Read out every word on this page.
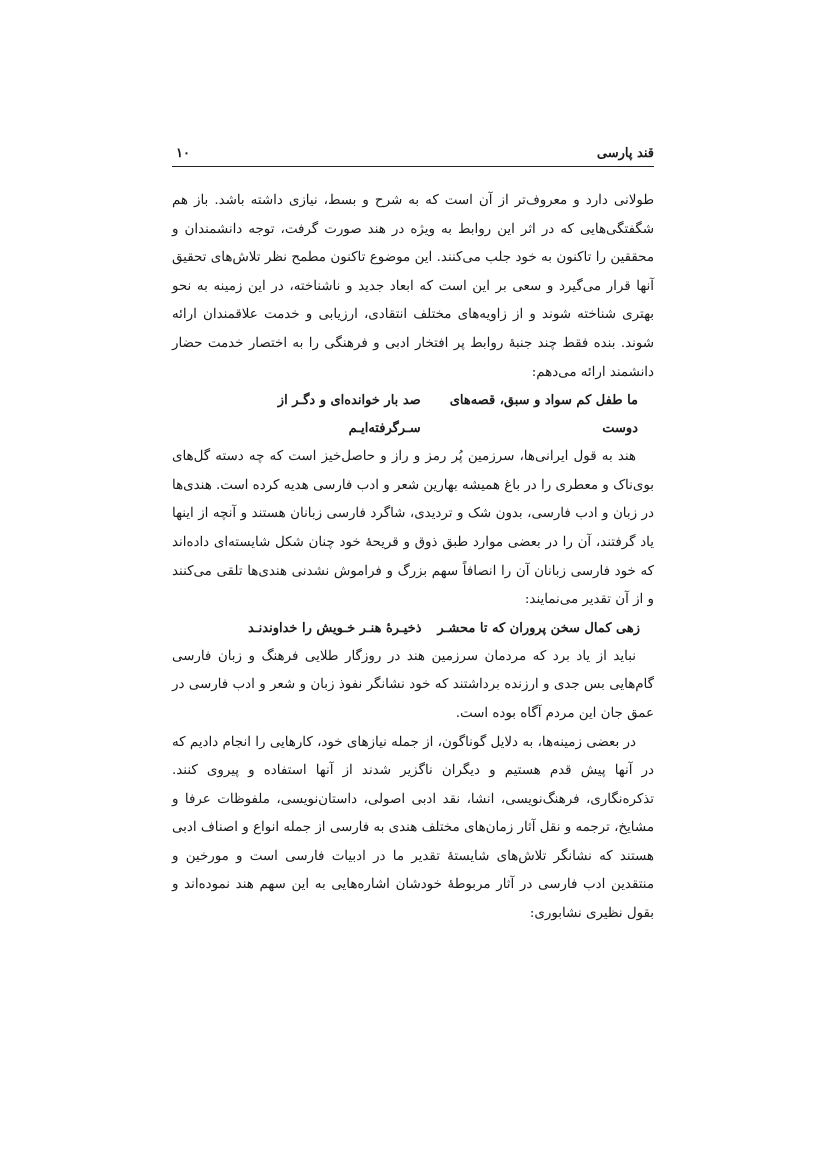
قند پارسی
۱۰

طولانی دارد و معروف‌تر از آن است که به شرح و بسط، نیازی داشته باشد. باز هم شگفتگی‌هایی که در اثر این روابط به ویژه در هند صورت گرفت، توجه دانشمندان و محققین را تاکنون به خود جلب می‌کنند. این موضوع تاکنون مطمح نظر تلاش‌های تحقیق آنها قرار می‌گیرد و سعی بر این است که ابعاد جدید و ناشناخته، در این زمینه به نحو بهتری شناخته شوند و از زاویه‌های مختلف انتقادی، ارزیابی و خدمت علاقمندان ارائه شوند. بنده فقط چند جنبهٔ روابط پر افتخار ادبی و فرهنگی را به اختصار خدمت حضار دانشمند ارائه می‌دهم:

ما طفل کم سواد و سبق، قصه‌های دوست
صد بار خوانده‌ای و دگـر از سـرگرفته‌ایـم

هند به قول ایرانی‌ها، سرزمین پُر رمز و راز و حاصل‌خیز است که چه دسته گل‌های بوی‌ناک و معطری را در باغ همیشه بهارین شعر و ادب فارسی هدیه کرده است. هندی‌ها در زبان و ادب فارسی، بدون شک و تردیدی، شاگرد فارسی زبانان هستند و آنچه از اینها یاد گرفتند، آن را در بعضی موارد طبق ذوق و قریحهٔ خود چنان شکل شایسته‌ای داده‌اند که خود فارسی زبانان آن را انصافاً سهم بزرگ و فراموش نشدنی هندی‌ها تلقی می‌کنند و از آن تقدیر می‌نمایند:

زهی کمال سخن پروران که تا محشـر
ذخیـرهٔ هنـر خـویش را خداوندنـد

نباید از یاد برد که مردمان سرزمین هند در روزگار طلایی فرهنگ و زبان فارسی گام‌هایی بس جدی و ارزنده برداشتند که خود نشانگر نفوذ زبان و شعر و ادب فارسی در عمق جان این مردم آگاه بوده است.

در بعضی زمینه‌ها، به دلایل گوناگون، از جمله نیازهای خود، کارهایی را انجام دادیم که در آنها پیش قدم هستیم و دیگران ناگزیر شدند از آنها استفاده و پیروی کنند. تذکره‌نگاری، فرهنگ‌نویسی، انشا، نقد ادبی اصولی، داستان‌نویسی، ملفوظات عرفا و مشایخ، ترجمه و نقل آثار زمان‌های مختلف هندی به فارسی از جمله انواع و اصناف ادبی هستند که نشانگر تلاش‌های شایستهٔ تقدیر ما در ادبیات فارسی است و مورخین و منتقدین ادب فارسی در آثار مربوطهٔ خودشان اشاره‌هایی به این سهم هند نموده‌اند و بقول نظیری نشابوری:
